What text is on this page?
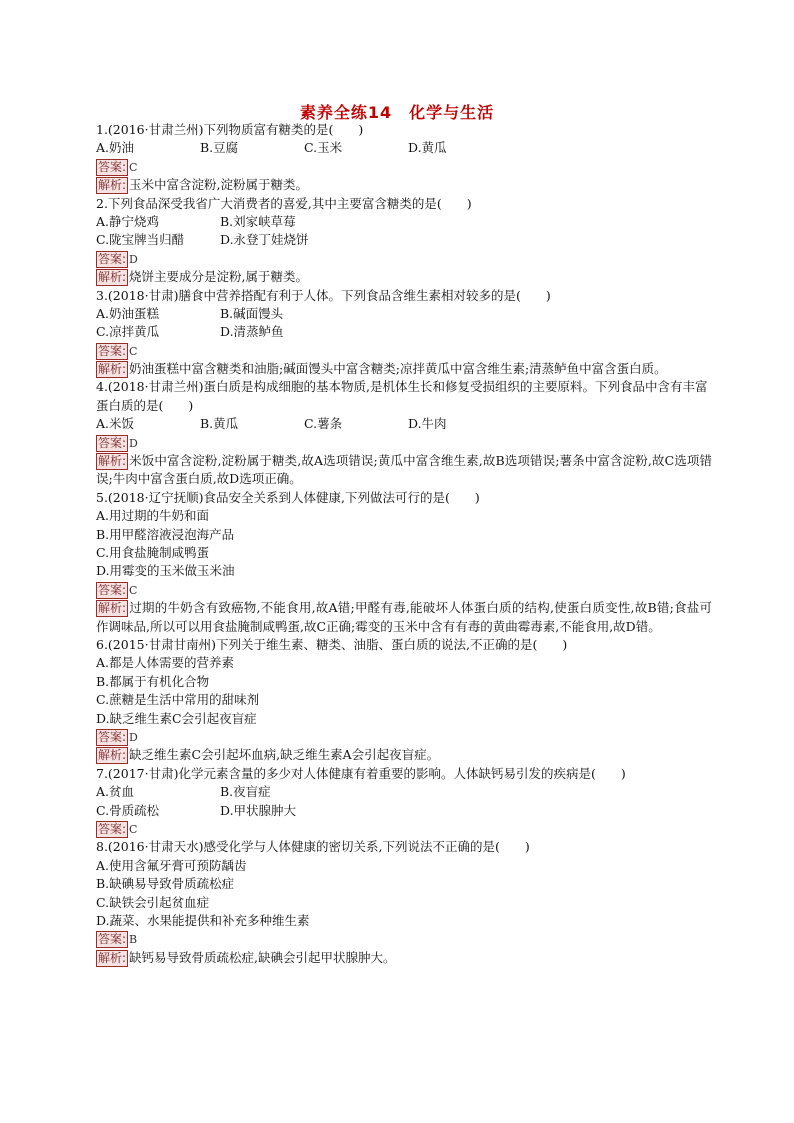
素养全练14　化学与生活
1.(2016·甘肃兰州)下列物质富有糖类的是(　　)
A.奶油	B.豆腐	C.玉米	D.黄瓜
答案: C
解析: 玉米中富含淀粉,淀粉属于糖类。
2.下列食品深受我省广大消费者的喜爱,其中主要富含糖类的是(　　)
A.静宁烧鸡	B.刘家峡草莓
C.陇宝牌当归醋	D.永登丁娃烧饼
答案: D
解析: 烧饼主要成分是淀粉,属于糖类。
3.(2018·甘肃)膳食中营养搭配有利于人体。下列食品含维生素相对较多的是(　　)
A.奶油蛋糕	B.碱面馒头
C.凉拌黄瓜	D.清蒸鲈鱼
答案: C
解析: 奶油蛋糕中富含糖类和油脂;碱面馒头中富含糖类;凉拌黄瓜中富含维生素;清蒸鲈鱼中富含蛋白质。
4.(2018·甘肃兰州)蛋白质是构成细胞的基本物质,是机体生长和修复受损组织的主要原料。下列食品中含有丰富蛋白质的是(　　)
A.米饭	B.黄瓜	C.薯条	D.牛肉
答案: D
解析: 米饭中富含淀粉,淀粉属于糖类,故A选项错误;黄瓜中富含维生素,故B选项错误;薯条中富含淀粉,故C选项错误;牛肉中富含蛋白质,故D选项正确。
5.(2018·辽宁抚顺)食品安全关系到人体健康,下列做法可行的是(　　)
A.用过期的牛奶和面
B.用甲醛溶液浸泡海产品
C.用食盐腌制咸鸭蛋
D.用霉变的玉米做玉米油
答案: C
解析: 过期的牛奶含有致癌物,不能食用,故A错;甲醛有毒,能破坏人体蛋白质的结构,使蛋白质变性,故B错;食盐可作调味品,所以可以用食盐腌制咸鸭蛋,故C正确;霉变的玉米中含有有毒的黄曲霉毒素,不能食用,故D错。
6.(2015·甘肃甘南州)下列关于维生素、糖类、油脂、蛋白质的说法,不正确的是(　　)
A.都是人体需要的营养素
B.都属于有机化合物
C.蔗糖是生活中常用的甜味剂
D.缺乏维生素C会引起夜盲症
答案: D
解析: 缺乏维生素C会引起坏血病,缺乏维生素A会引起夜盲症。
7.(2017·甘肃)化学元素含量的多少对人体健康有着重要的影响。人体缺钙易引发的疾病是(　　)
A.贫血	B.夜盲症
C.骨质疏松	D.甲状腺肿大
答案: C
8.(2016·甘肃天水)感受化学与人体健康的密切关系,下列说法不正确的是(　　)
A.使用含氟牙膏可预防龋齿
B.缺碘易导致骨质疏松症
C.缺铁会引起贫血症
D.蔬菜、水果能提供和补充多种维生素
答案: B
解析: 缺钙易导致骨质疏松症,缺碘会引起甲状腺肿大。
